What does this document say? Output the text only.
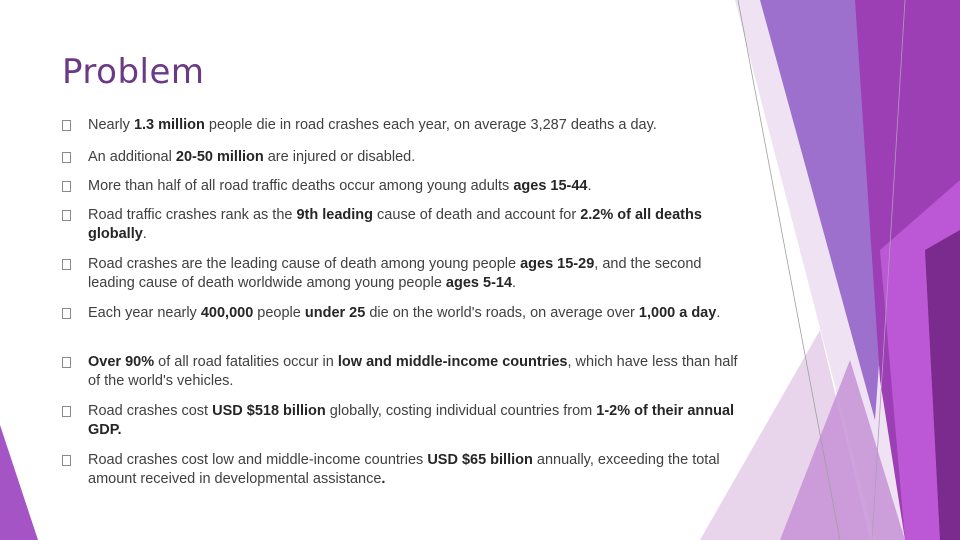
Problem
Nearly 1.3 million people die in road crashes each year, on average 3,287 deaths a day.
An additional 20-50 million are injured or disabled.
More than half of all road traffic deaths occur among young adults ages 15-44.
Road traffic crashes rank as the 9th leading cause of death and account for 2.2% of all deaths globally.
Road crashes are the leading cause of death among young people ages 15-29, and the second leading cause of death worldwide among young people ages 5-14.
Each year nearly 400,000 people under 25 die on the world's roads, on average over 1,000 a day.
Over 90% of all road fatalities occur in low and middle-income countries, which have less than half of the world's vehicles.
Road crashes cost USD $518 billion globally, costing individual countries from 1-2% of their annual GDP.
Road crashes cost low and middle-income countries USD $65 billion annually, exceeding the total amount received in developmental assistance.
